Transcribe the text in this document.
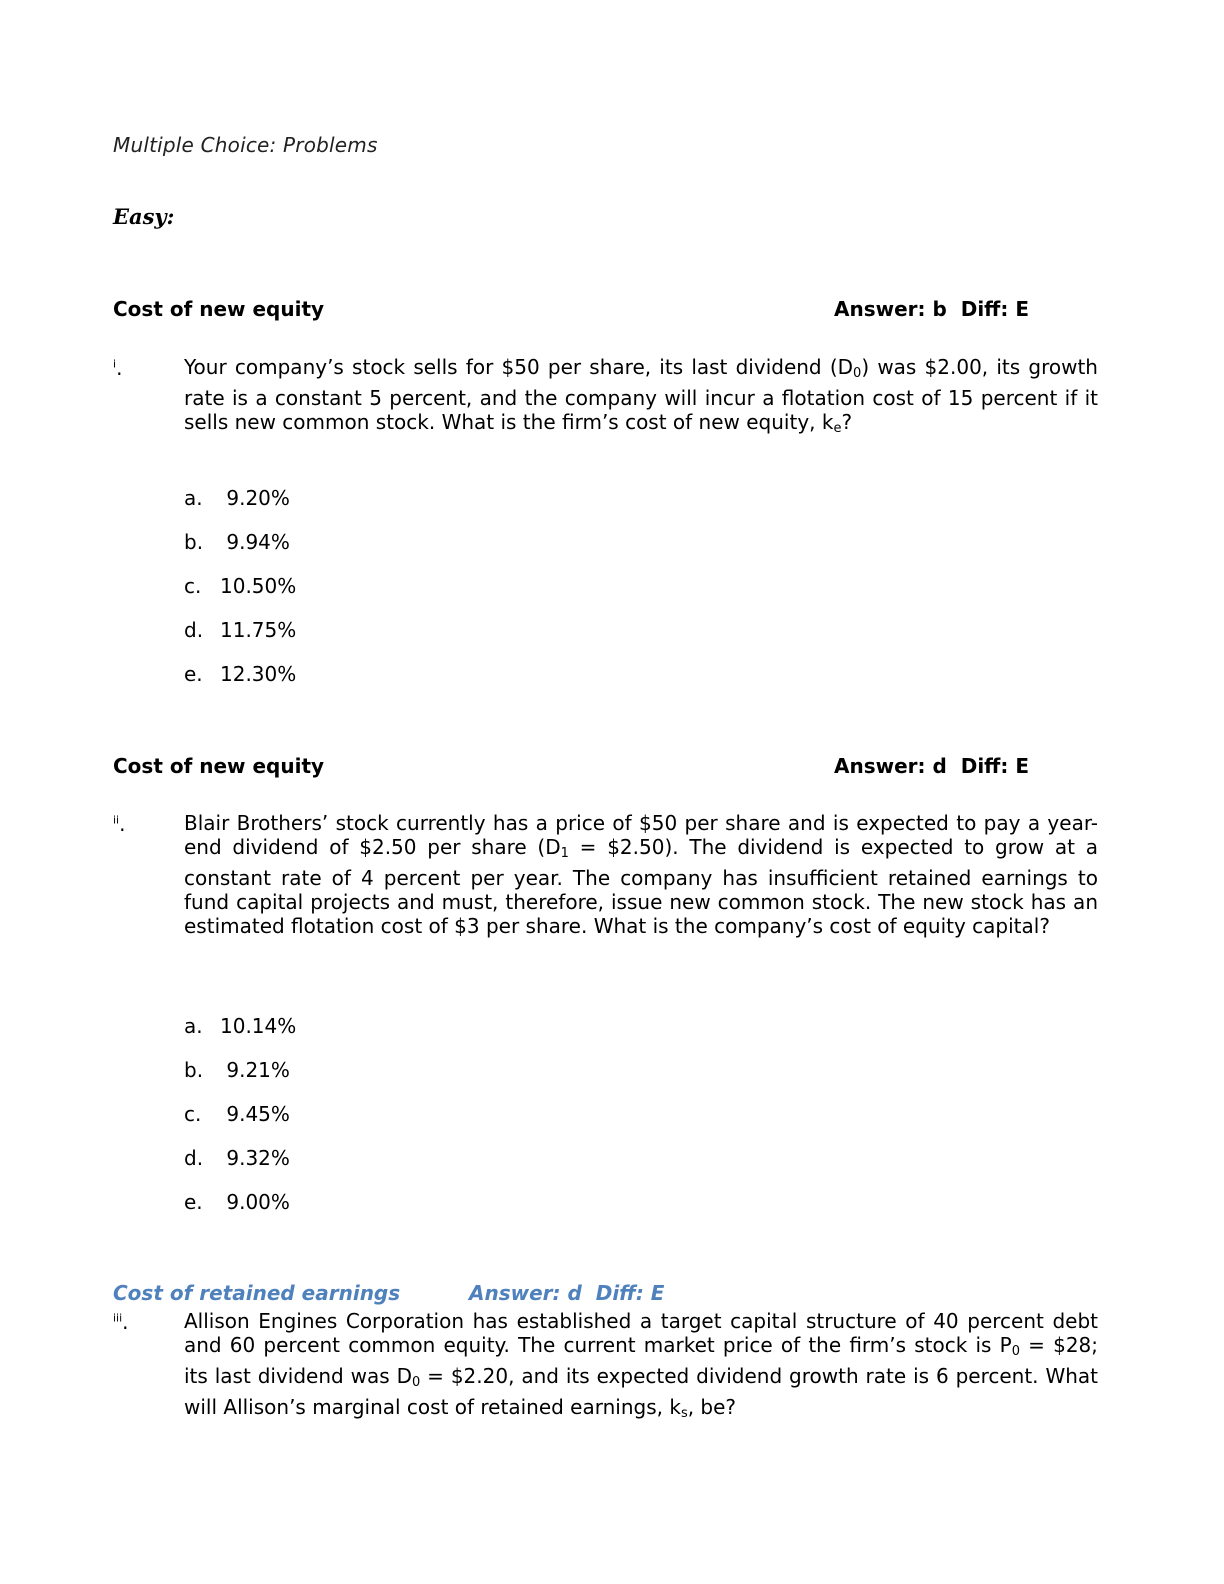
Multiple Choice: Problems
Easy:
Cost of new equity	Answer: b  Diff: E
$^i$.	Your company’s stock sells for $50 per share, its last dividend $(D_0)$ was $2.00, its growth rate is a constant 5 percent, and the company will incur a flotation cost of 15 percent if it sells new common stock. What is the firm’s cost of new equity, $k_e$?
a. 9.20%
b. 9.94%
c. 10.50%
d. 11.75%
e. 12.30%
Cost of new equity	Answer: d  Diff: E
$^{ii}$.	Blair Brothers’ stock currently has a price of $50 per share and is expected to pay a year-end dividend of $2.50 per share ($D_1$ = $2.50). The dividend is expected to grow at a constant rate of 4 percent per year. The company has insufficient retained earnings to fund capital projects and must, therefore, issue new common stock. The new stock has an estimated flotation cost of $3 per share. What is the company’s cost of equity capital?
a. 10.14%
b. 9.21%
c. 9.45%
d. 9.32%
e. 9.00%
Cost of retained earnings	Answer: d  Diff: E
$^{iii}$.	Allison Engines Corporation has established a target capital structure of 40 percent debt and 60 percent common equity. The current market price of the firm’s stock is $P_0$ = $28; its last dividend was $D_0$ = $2.20, and its expected dividend growth rate is 6 percent. What will Allison’s marginal cost of retained earnings, $k_s$, be?
